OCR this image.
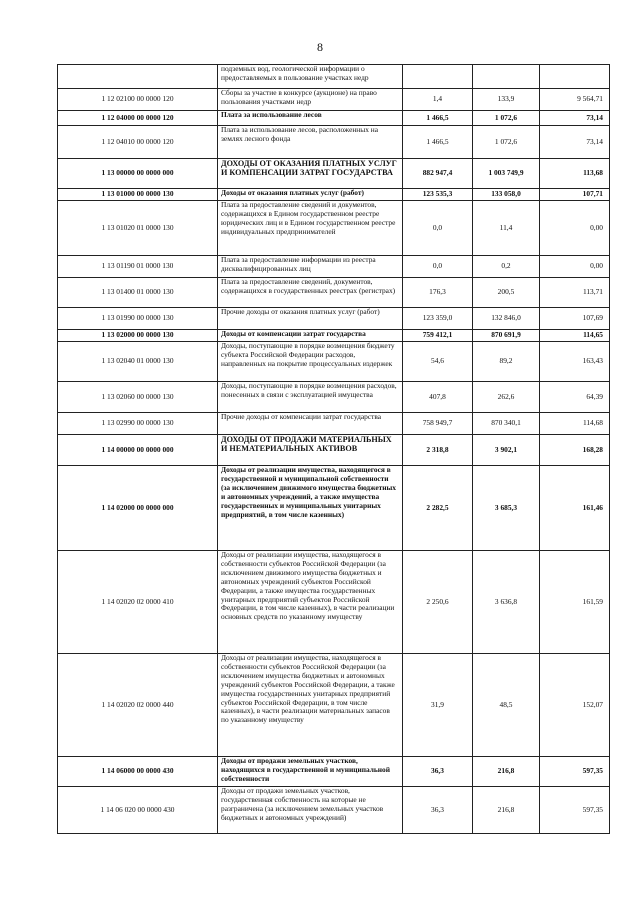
8
	подземных вод, геологической информации о предоставляемых в пользование участках недр			
1 12 02100 00 0000 120	Сборы за участие в конкурсе (аукционе) на право пользования участками недр	1,4	133,9	9 564,71
1 12 04000 00 0000 120	Плата за использование лесов	1 466,5	1 072,6	73,14
1 12 04010 00 0000 120	Плата за использование лесов, расположенных на землях лесного фонда	1 466,5	1 072,6	73,14
1 13 00000 00 0000 000	ДОХОДЫ ОТ ОКАЗАНИЯ ПЛАТНЫХ УСЛУГ И КОМПЕНСАЦИИ ЗАТРАТ ГОСУДАРСТВА	882 947,4	1 003 749,9	113,68
1 13 01000 00 0000 130	Доходы от оказания платных услуг (работ)	123 535,3	133 058,0	107,71
1 13 01020 01 0000 130	Плата за предоставление сведений и документов, содержащихся в Едином государственном реестре юридических лиц и в Едином государственном реестре индивидуальных предпринимателей	0,0	11,4	0,00
1 13 01190 01 0000 130	Плата за предоставление информации из реестра дисквалифицированных лиц	0,0	0,2	0,00
1 13 01400 01 0000 130	Плата за предоставление сведений, документов, содержащихся в государственных реестрах (регистрах)	176,3	200,5	113,71
1 13 01990 00 0000 130	Прочие доходы от оказания платных услуг (работ)	123 359,0	132 846,0	107,69
1 13 02000 00 0000 130	Доходы от компенсации затрат государства	759 412,1	870 691,9	114,65
1 13 02040 01 0000 130	Доходы, поступающие в порядке возмещения бюджету субъекта Российской Федерации расходов, направленных на покрытие процессуальных издержек	54,6	89,2	163,43
1 13 02060 00 0000 130	Доходы, поступающие в порядке возмещения расходов, понесенных в связи с эксплуатацией имущества	407,8	262,6	64,39
1 13 02990 00 0000 130	Прочие доходы от компенсации затрат государства	758 949,7	870 340,1	114,68
1 14 00000 00 0000 000	ДОХОДЫ ОТ ПРОДАЖИ МАТЕРИАЛЬНЫХ И НЕМАТЕРИАЛЬНЫХ АКТИВОВ	2 318,8	3 902,1	168,28
1 14 02000 00 0000 000	Доходы от реализации имущества, находящегося в государственной и муниципальной собственности (за исключением движимого имущества бюджетных и автономных учреждений, а также имущества государственных и муниципальных унитарных предприятий, в том числе казенных)	2 282,5	3 685,3	161,46
1 14 02020 02 0000 410	Доходы от реализации имущества, находящегося в собственности субъектов Российской Федерации (за исключением движимого имущества бюджетных и автономных учреждений субъектов Российской Федерации, а также имущества государственных унитарных предприятий субъектов Российской Федерации, в том числе казенных), в части реализации основных средств по указанному имуществу	2 250,6	3 636,8	161,59
1 14 02020 02 0000 440	Доходы от реализации имущества, находящегося в собственности субъектов Российской Федерации (за исключением имущества бюджетных и автономных учреждений субъектов Российской Федерации, а также имущества государственных унитарных предприятий субъектов Российской Федерации, в том числе казенных), в части реализации материальных запасов по указанному имуществу	31,9	48,5	152,07
1 14 06000 00 0000 430	Доходы от продажи земельных участков, находящихся в государственной и муниципальной собственности	36,3	216,8	597,35
1 14 06 020 00 0000 430	Доходы от продажи земельных участков, государственная собственность на которые не разграничена (за исключением земельных участков бюджетных и автономных учреждений)	36,3	216,8	597,35
